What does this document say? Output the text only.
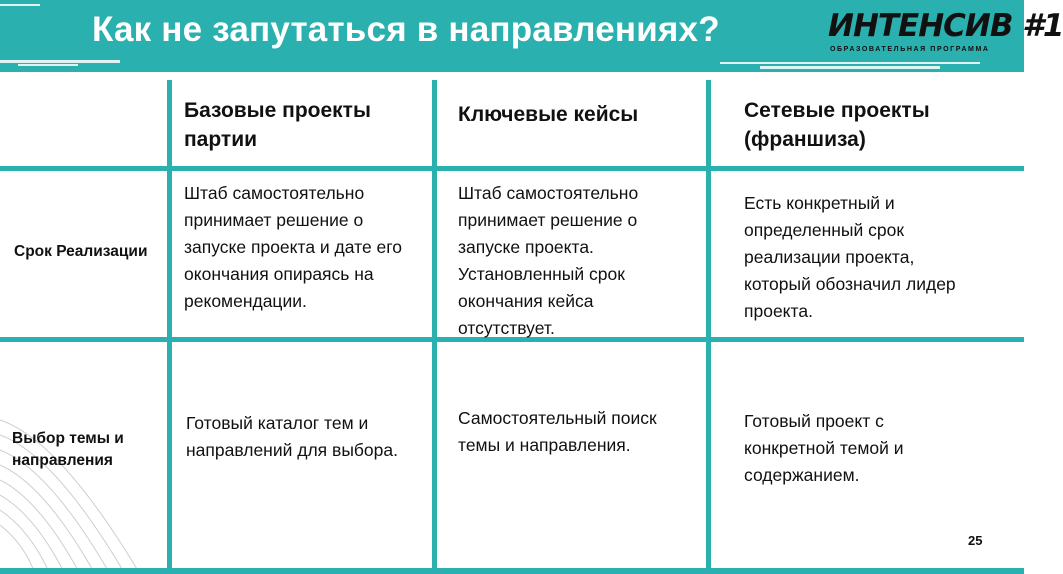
Как не запутаться в направлениях?	ИНТЕНСИВ #1
ОБРАЗОВАТЕЛЬНАЯ ПРОГРАММА
Базовые проекты партии
Ключевые кейсы	Сетевые проекты (франшиза)
Срок Реализации
Выбор темы и направления
Штаб самостоятельно принимает решение о запуске проекта и дате его окончания опираясь на рекомендации.
Штаб самостоятельно принимает решение о запуске проекта. Установленный срок окончания кейса отсутствует.
Есть конкретный и определенный срок реализации проекта, который обозначил лидер проекта.
Готовый каталог тем и направлений для выбора.
Самостоятельный поиск темы и направления.
Готовый проект с конкретной темой и содержанием.
25
